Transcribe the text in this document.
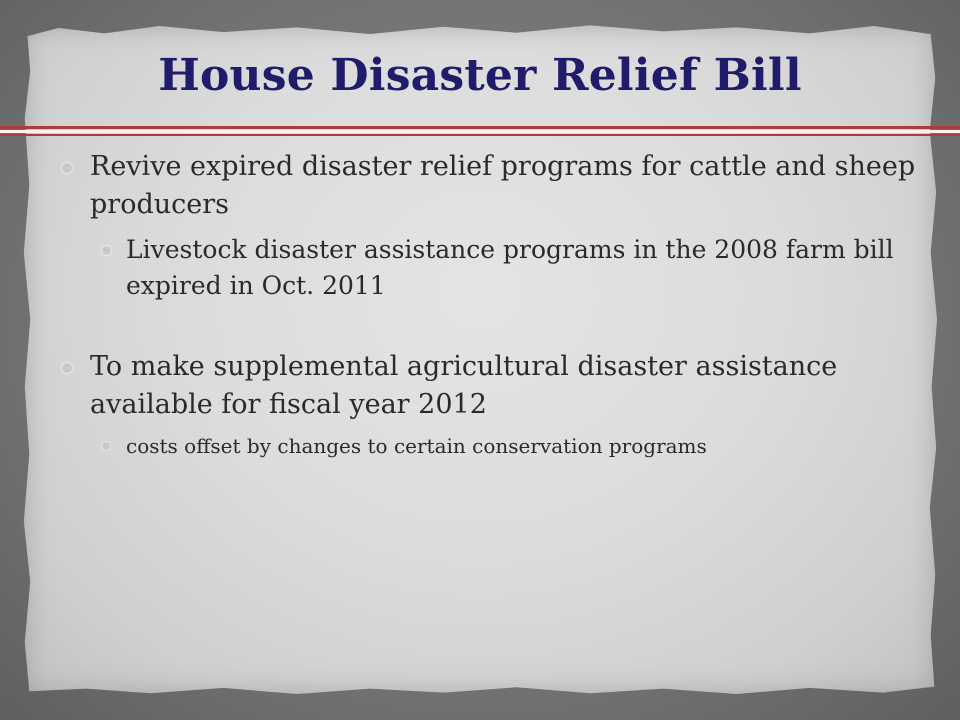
House Disaster Relief Bill
Revive expired disaster relief programs for cattle and sheep producers
Livestock disaster assistance programs in the 2008 farm bill expired in Oct. 2011
To make supplemental agricultural disaster assistance available for fiscal year 2012
costs offset by changes to certain conservation programs
